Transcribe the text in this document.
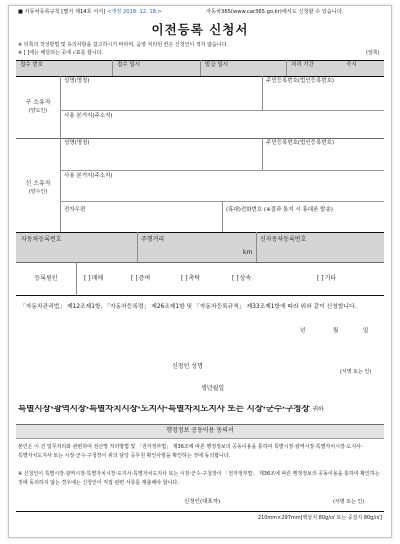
■ 자동차등록규칙 [별지 제14호 서식] <개정 2018. 12. 18.>	자동차365(www.car365.go.kr)에서도 신청할 수 있습니다.
이전등록 신청서
※ 뒤쪽의 작성방법 및 유의사항을 참고하시기 바라며, 음영 처리된 칸은 신청인이 적지 않습니다.
※ [ ]에는 해당되는 곳에 √표를 합니다.	(앞쪽)
접수 번호	접수 일시	발급 일시	처리 기간	즉시
구 소유자
(양도인)
성명(명칭)	주민등록번호(법인등록번호)
사용 본거지(주소지)
신 소유자
(양수인)
성명(명칭)	주민등록번호(법인등록번호)
사용 본거지(주소지)
전자우편	(휴대)전화번호 (※결과 통지 시 휴대폰 발송)
자동차등록번호	주행거리
km
신자동차등록번호
등록원인	[ ]매매	[ ]증여	[ ]촉탁	[ ]상속	[ ]기타
「자동차관리법」 제12조제1항, 「자동차등록령」 제26조제1항 및 「자동차등록규칙」 제33조제1항에 따라 위와 같이 신청합니다.
년	월	일
신청인 성명
(서명 또는 인)
생년월일
특별시장·광역시장·특별자치시장·도지사·특별자치도지사 또는 시장·군수·구청장 귀하
행정정보 공동이용 동의서
본인은 이 건 업무처리와 관련하여 전산망 처리방법 및 「전자정부법」 제36조에 따른 행정정보의 공동이용을 통하여 특별시장·광역시장·특별자치시장·도지사·특별자치도지사 또는 시장·군수·구청장이 위의 담당 공무원 확인사항을 확인하는 것에 동의합니다.
※ 신청인이 특별시장·광역시장·특별자치시장·도지사·특별자치도지사 또는 시장·군수·구청장이 「전자정부법」 제36조에 따른 행정정보의 공동이용을 통하여 확인하는 것에 동의하지 않는 경우에는 신청인이 직접 관련 서류를 제출해야 합니다.
신청인(대표자)	(서명 또는 인)
210mm×297mm[백상지 80g/㎡ 또는 중질지 80g/㎡]
